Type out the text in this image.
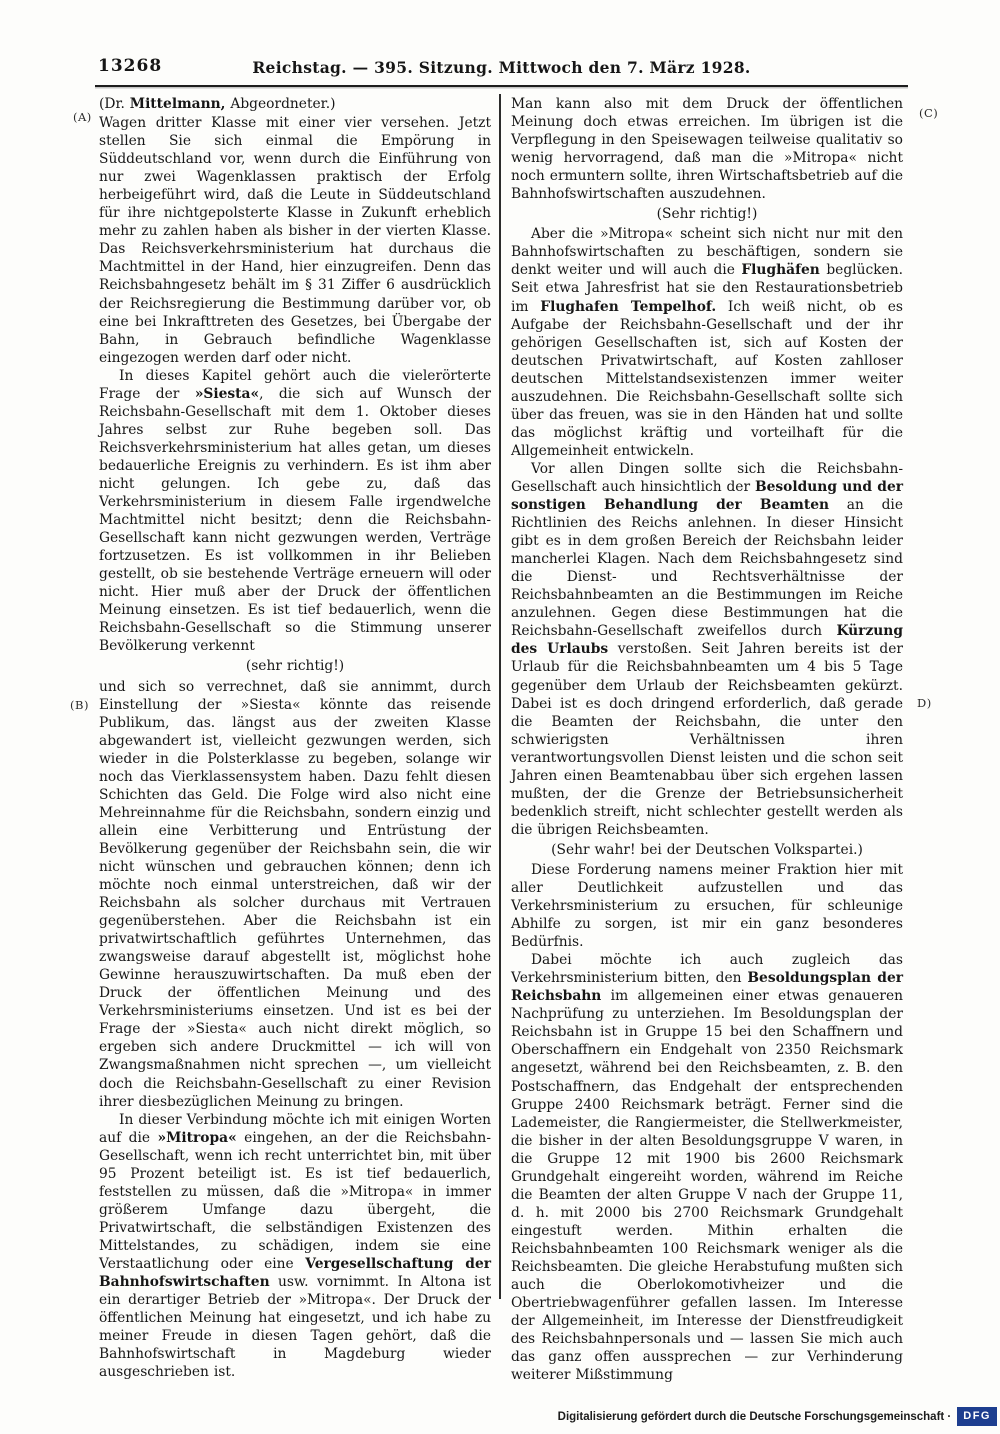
13268	Reichstag. — 395. Sitzung. Mittwoch den 7. März 1928.
(A)
(B)
(C)
D)

(Dr. Mittelmann, Abgeordneter.)

Wagen dritter Klasse mit einer vier versehen. Jetzt stellen Sie sich einmal die Empörung in Süddeutschland vor, wenn durch die Einführung von nur zwei Wagenklassen praktisch der Erfolg herbeigeführt wird, daß die Leute in Süddeutschland für ihre nichtgepolsterte Klasse in Zukunft erheblich mehr zu zahlen haben als bisher in der vierten Klasse. Das Reichsverkehrsministerium hat durchaus die Machtmittel in der Hand, hier einzugreifen. Denn das Reichsbahngesetz behält im § 31 Ziffer 6 ausdrücklich der Reichsregierung die Bestimmung darüber vor, ob eine bei Inkrafttreten des Gesetzes, bei Übergabe der Bahn, in Gebrauch befindliche Wagenklasse eingezogen werden darf oder nicht.

In dieses Kapitel gehört auch die vielerörterte Frage der »Siesta«, die sich auf Wunsch der Reichsbahn-Gesellschaft mit dem 1. Oktober dieses Jahres selbst zur Ruhe begeben soll. Das Reichsverkehrsministerium hat alles getan, um dieses bedauerliche Ereignis zu verhindern. Es ist ihm aber nicht gelungen. Ich gebe zu, daß das Verkehrsministerium in diesem Falle irgendwelche Machtmittel nicht besitzt; denn die Reichsbahn-Gesellschaft kann nicht gezwungen werden, Verträge fortzusetzen. Es ist vollkommen in ihr Belieben gestellt, ob sie bestehende Verträge erneuern will oder nicht. Hier muß aber der Druck der öffentlichen Meinung einsetzen. Es ist tief bedauerlich, wenn die Reichsbahn-Gesellschaft so die Stimmung unserer Bevölkerung verkennt

(sehr richtig!)

und sich so verrechnet, daß sie annimmt, durch Einstellung der »Siesta« könnte das reisende Publikum, das. längst aus der zweiten Klasse abgewandert ist, vielleicht gezwungen werden, sich wieder in die Polsterklasse zu begeben, solange wir noch das Vierklassensystem haben. Dazu fehlt diesen Schichten das Geld. Die Folge wird also nicht eine Mehreinnahme für die Reichsbahn, sondern einzig und allein eine Verbitterung und Entrüstung der Bevölkerung gegenüber der Reichsbahn sein, die wir nicht wünschen und gebrauchen können; denn ich möchte noch einmal unterstreichen, daß wir der Reichsbahn als solcher durchaus mit Vertrauen gegenüberstehen. Aber die Reichsbahn ist ein privatwirtschaftlich geführtes Unternehmen, das zwangsweise darauf abgestellt ist, möglichst hohe Gewinne herauszuwirtschaften. Da muß eben der Druck der öffentlichen Meinung und des Verkehrsministeriums einsetzen. Und ist es bei der Frage der »Siesta« auch nicht direkt möglich, so ergeben sich andere Druckmittel — ich will von Zwangsmaßnahmen nicht sprechen —, um vielleicht doch die Reichsbahn-Gesellschaft zu einer Revision ihrer diesbezüglichen Meinung zu bringen.

In dieser Verbindung möchte ich mit einigen Worten auf die »Mitropa« eingehen, an der die Reichsbahn-Gesellschaft, wenn ich recht unterrichtet bin, mit über 95 Prozent beteiligt ist. Es ist tief bedauerlich, feststellen zu müssen, daß die »Mitropa« in immer größerem Umfange dazu übergeht, die Privatwirtschaft, die selbständigen Existenzen des Mittelstandes, zu schädigen, indem sie eine Verstaatlichung oder eine Vergesellschaftung der Bahnhofswirtschaften usw. vornimmt. In Altona ist ein derartiger Betrieb der »Mitropa«. Der Druck der öffentlichen Meinung hat eingesetzt, und ich habe zu meiner Freude in diesen Tagen gehört, daß die Bahnhofswirtschaft in Magdeburg wieder ausgeschrieben ist.

Man kann also mit dem Druck der öffentlichen Meinung doch etwas erreichen. Im übrigen ist die Verpflegung in den Speisewagen teilweise qualitativ so wenig hervorragend, daß man die »Mitropa« nicht noch ermuntern sollte, ihren Wirtschaftsbetrieb auf die Bahnhofswirtschaften auszudehnen.

(Sehr richtig!)

Aber die »Mitropa« scheint sich nicht nur mit den Bahnhofswirtschaften zu beschäftigen, sondern sie denkt weiter und will auch die Flughäfen beglücken. Seit etwa Jahresfrist hat sie den Restaurationsbetrieb im Flughafen Tempelhof. Ich weiß nicht, ob es Aufgabe der Reichsbahn-Gesellschaft und der ihr gehörigen Gesellschaften ist, sich auf Kosten der deutschen Privatwirtschaft, auf Kosten zahlloser deutschen Mittelstandsexistenzen immer weiter auszudehnen. Die Reichsbahn-Gesellschaft sollte sich über das freuen, was sie in den Händen hat und sollte das möglichst kräftig und vorteilhaft für die Allgemeinheit entwickeln.

Vor allen Dingen sollte sich die Reichsbahn-Gesellschaft auch hinsichtlich der Besoldung und der sonstigen Behandlung der Beamten an die Richtlinien des Reichs anlehnen. In dieser Hinsicht gibt es in dem großen Bereich der Reichsbahn leider mancherlei Klagen. Nach dem Reichsbahngesetz sind die Dienst- und Rechtsverhältnisse der Reichsbahnbeamten an die Bestimmungen im Reiche anzulehnen. Gegen diese Bestimmungen hat die Reichsbahn-Gesellschaft zweifellos durch Kürzung des Urlaubs verstoßen. Seit Jahren bereits ist der Urlaub für die Reichsbahnbeamten um 4 bis 5 Tage gegenüber dem Urlaub der Reichsbeamten gekürzt. Dabei ist es doch dringend erforderlich, daß gerade die Beamten der Reichsbahn, die unter den schwierigsten Verhältnissen ihren verantwortungsvollen Dienst leisten und die schon seit Jahren einen Beamtenabbau über sich ergehen lassen mußten, der die Grenze der Betriebsunsicherheit bedenklich streift, nicht schlechter gestellt werden als die übrigen Reichsbeamten.

(Sehr wahr! bei der Deutschen Volkspartei.)

Diese Forderung namens meiner Fraktion hier mit aller Deutlichkeit aufzustellen und das Verkehrsministerium zu ersuchen, für schleunige Abhilfe zu sorgen, ist mir ein ganz besonderes Bedürfnis.

Dabei möchte ich auch zugleich das Verkehrsministerium bitten, den Besoldungsplan der Reichsbahn im allgemeinen einer etwas genaueren Nachprüfung zu unterziehen. Im Besoldungsplan der Reichsbahn ist in Gruppe 15 bei den Schaffnern und Oberschaffnern ein Endgehalt von 2350 Reichsmark angesetzt, während bei den Reichsbeamten, z. B. den Postschaffnern, das Endgehalt der entsprechenden Gruppe 2400 Reichsmark beträgt. Ferner sind die Lademeister, die Rangiermeister, die Stellwerkmeister, die bisher in der alten Besoldungsgruppe V waren, in die Gruppe 12 mit 1900 bis 2600 Reichsmark Grundgehalt eingereiht worden, während im Reiche die Beamten der alten Gruppe V nach der Gruppe 11, d. h. mit 2000 bis 2700 Reichsmark Grundgehalt eingestuft werden. Mithin erhalten die Reichsbahnbeamten 100 Reichsmark weniger als die Reichsbeamten. Die gleiche Herabstufung mußten sich auch die Oberlokomotivheizer und die Obertriebwagenführer gefallen lassen. Im Interesse der Allgemeinheit, im Interesse der Dienstfreudigkeit des Reichsbahnpersonals und — lassen Sie mich auch das ganz offen aussprechen — zur Verhinderung weiterer Mißstimmung

Digitalisierung gefördert durch die Deutsche Forschungsgemeinschaft ·	DFG
